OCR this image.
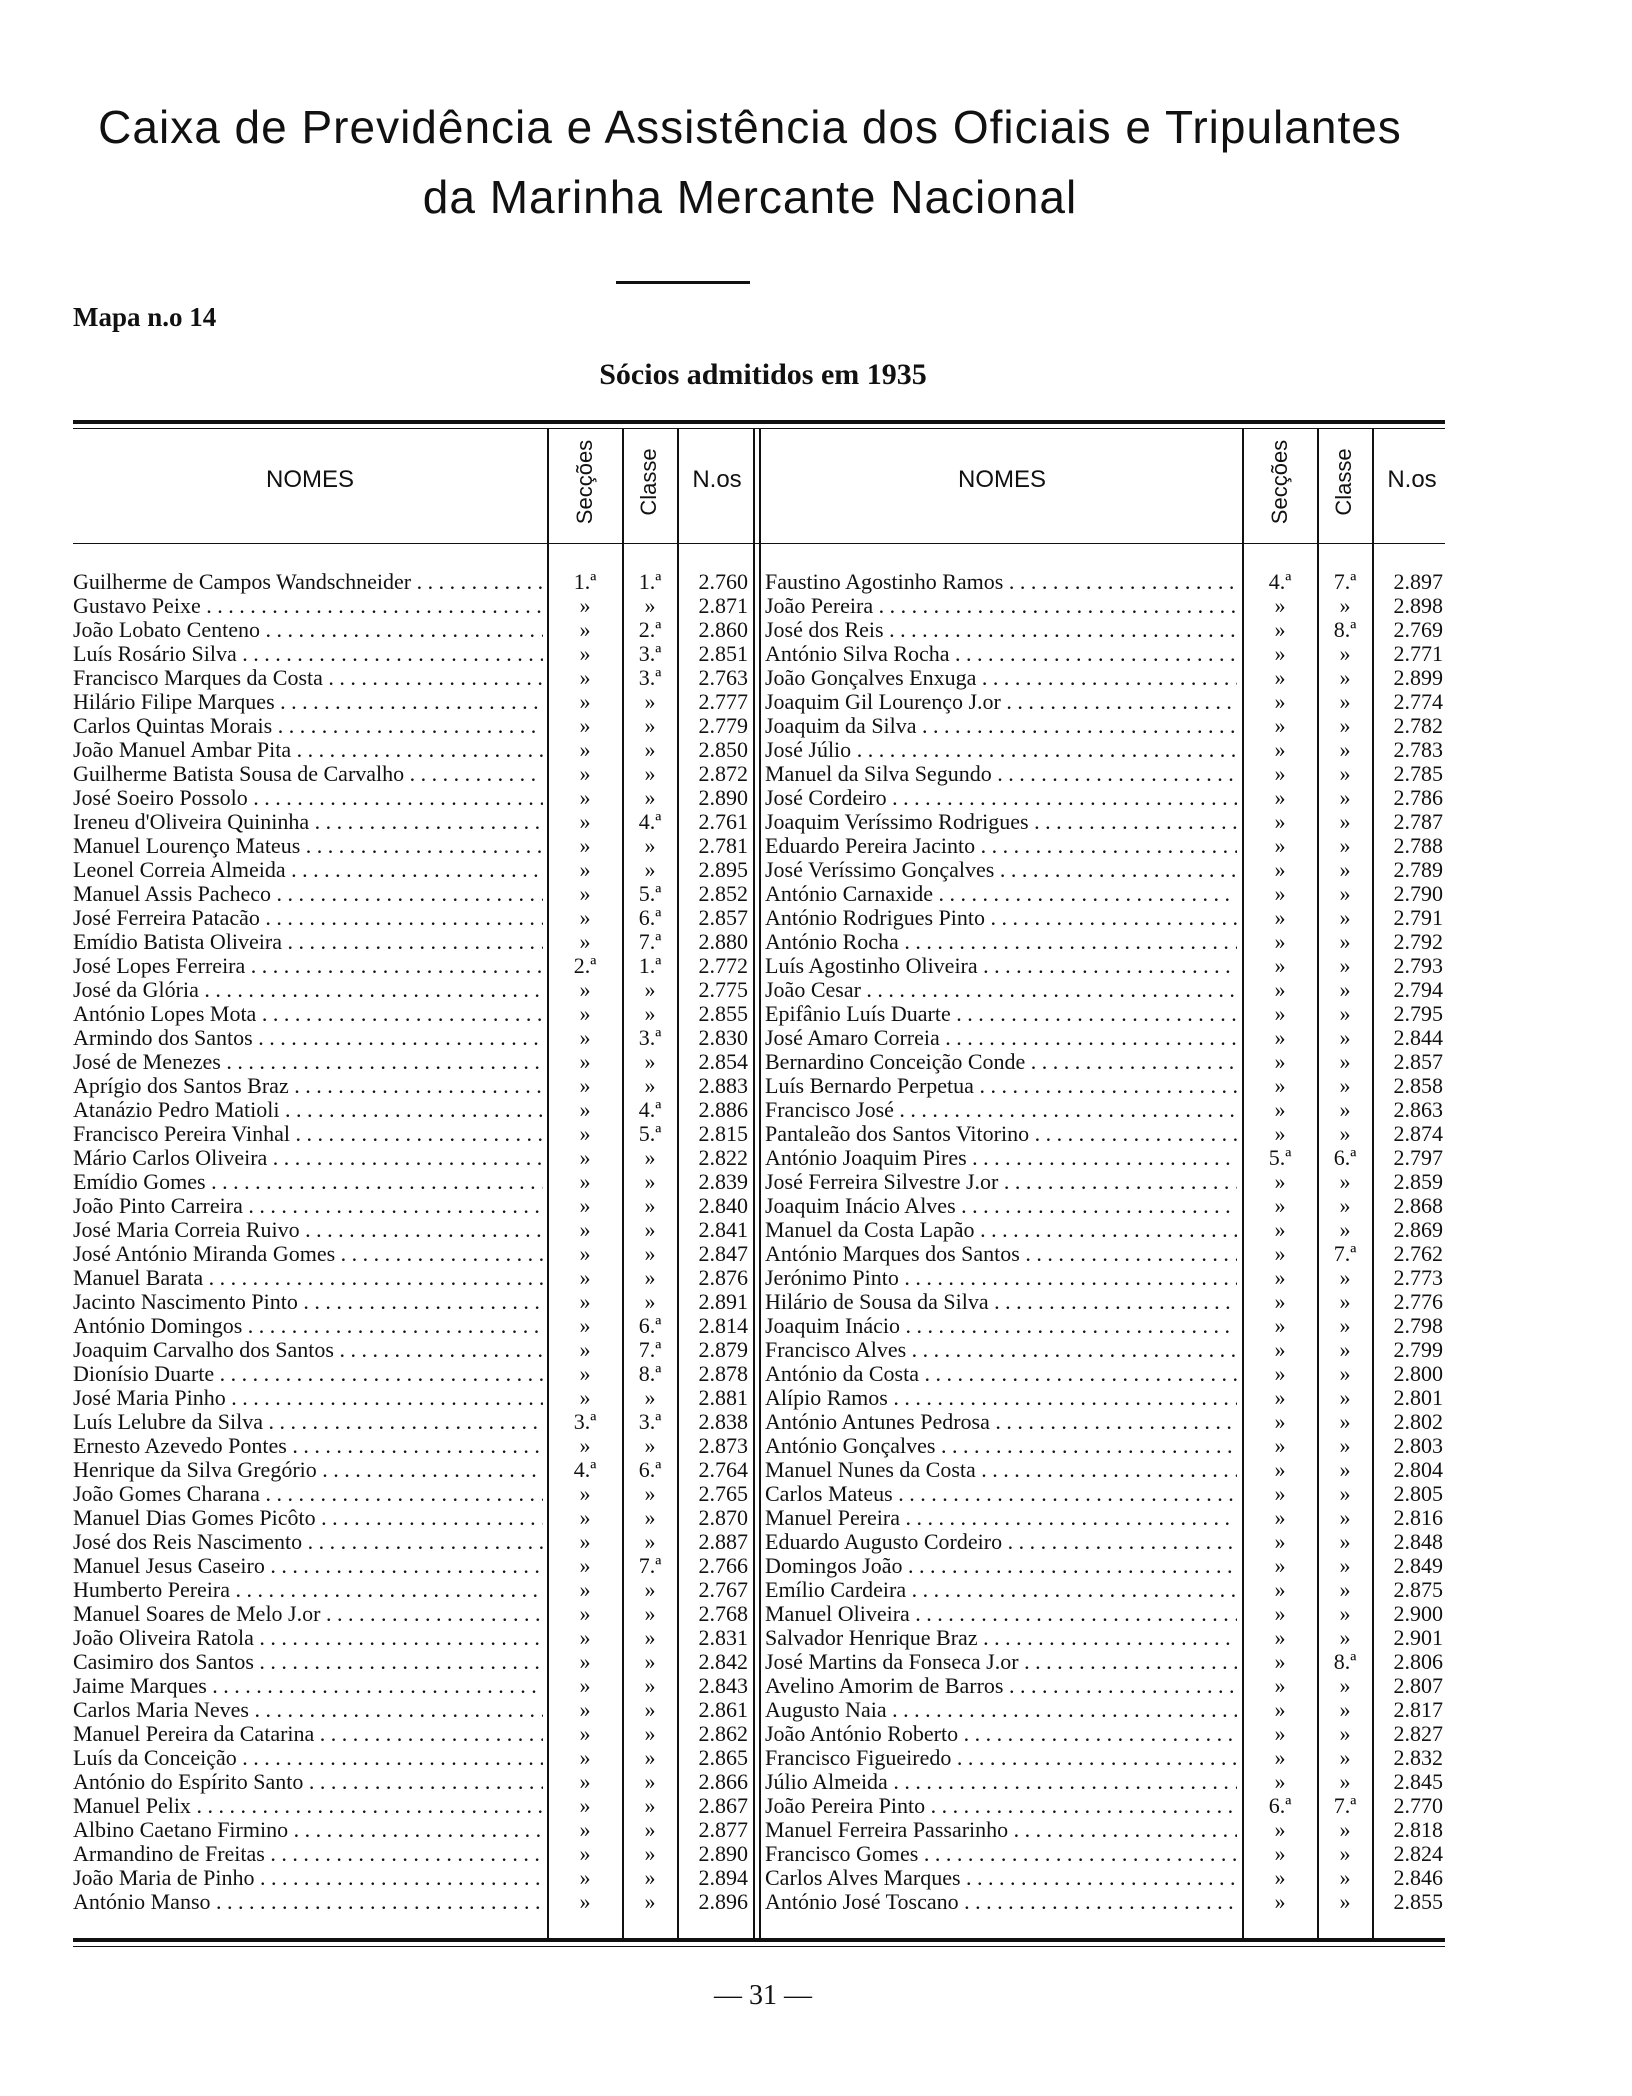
Caixa de Previdência e Assistência dos Oficiais e Tripulantes
da Marinha Mercante Nacional
Mapa n.o 14
Sócios admitidos em 1935
NOMES	Secções Classe	N.os	NOMES	Secções Classe	N.os
Guilherme de Campos Wandschneider . . .	1.ª	1.ª	2.760
Gustavo Peixe . . .	»	»	2.871
João Lobato Centeno . . .	»	2.ª	2.860
Luís Rosário Silva . . .	»	3.ª	2.851
Francisco Marques da Costa . . .	»	3.ª	2.763
Hilário Filipe Marques . . .	»	»	2.777
Carlos Quintas Morais . . .	»	»	2.779
João Manuel Ambar Pita . . .	»	»	2.850
Guilherme Batista Sousa de Carvalho . . .	»	»	2.872
José Soeiro Possolo . . .	»	»	2.890
Ireneu d'Oliveira Quininha . . .	»	4.ª	2.761
Manuel Lourenço Mateus . . .	»	»	2.781
Leonel Correia Almeida . . .	»	»	2.895
Manuel Assis Pacheco . . .	»	5.ª	2.852
José Ferreira Patacão . . .	»	6.ª	2.857
Emídio Batista Oliveira . . .	»	7.ª	2.880
José Lopes Ferreira . . .	2.ª	1.ª	2.772
José da Glória . . .	»	»	2.775
António Lopes Mota . . .	»	»	2.855
Armindo dos Santos . . .	»	3.ª	2.830
José de Menezes . . .	»	»	2.854
Aprígio dos Santos Braz . . .	»	»	2.883
Atanázio Pedro Matioli . . .	»	4.ª	2.886
Francisco Pereira Vinhal . . .	»	5.ª	2.815
Mário Carlos Oliveira . . .	»	»	2.822
Emídio Gomes . . .	»	»	2.839
João Pinto Carreira . . .	»	»	2.840
José Maria Correia Ruivo . . .	»	»	2.841
José António Miranda Gomes . . .	»	»	2.847
Manuel Barata . . .	»	»	2.876
Jacinto Nascimento Pinto . . .	»	»	2.891
António Domingos . . .	»	6.ª	2.814
Joaquim Carvalho dos Santos . . .	»	7.ª	2.879
Dionísio Duarte . . .	»	8.ª	2.878
José Maria Pinho . . .	»	»	2.881
Luís Lelubre da Silva . . .	3.ª	3.ª	2.838
Ernesto Azevedo Pontes . . .	»	»	2.873
Henrique da Silva Gregório . . .	4.ª	6.ª	2.764
João Gomes Charana . . .	»	»	2.765
Manuel Dias Gomes Picôto . . .	»	»	2.870
José dos Reis Nascimento . . .	»	»	2.887
Manuel Jesus Caseiro . . .	»	7.ª	2.766
Humberto Pereira . . .	»	»	2.767
Manuel Soares de Melo J.or . . .	»	»	2.768
João Oliveira Ratola . . .	»	»	2.831
Casimiro dos Santos . . .	»	»	2.842
Jaime Marques . . .	»	»	2.843
Carlos Maria Neves . . .	»	»	2.861
Manuel Pereira da Catarina . . .	»	»	2.862
Luís da Conceição . . .	»	»	2.865
António do Espírito Santo . . .	»	»	2.866
Manuel Pelix . . .	»	»	2.867
Albino Caetano Firmino . . .	»	»	2.877
Armandino de Freitas . . .	»	»	2.890
João Maria de Pinho . . .	»	»	2.894
António Manso . . .	»	»	2.896
Faustino Agostinho Ramos . . .	4.ª	7.ª	2.897
João Pereira . . .	»	»	2.898
José dos Reis . . .	»	8.ª	2.769
António Silva Rocha . . .	»	»	2.771
João Gonçalves Enxuga . . .	»	»	2.899
Joaquim Gil Lourenço J.or . . .	»	»	2.774
Joaquim da Silva . . .	»	»	2.782
José Júlio . . .	»	»	2.783
Manuel da Silva Segundo . . .	»	»	2.785
José Cordeiro . . .	»	»	2.786
Joaquim Veríssimo Rodrigues . . .	»	»	2.787
Eduardo Pereira Jacinto . . .	»	»	2.788
José Veríssimo Gonçalves . . .	»	»	2.789
António Carnaxide . . .	»	»	2.790
António Rodrigues Pinto . . .	»	»	2.791
António Rocha . . .	»	»	2.792
Luís Agostinho Oliveira . . .	»	»	2.793
João Cesar . . .	»	»	2.794
Epifânio Luís Duarte . . .	»	»	2.795
José Amaro Correia . . .	»	»	2.844
Bernardino Conceição Conde . . .	»	»	2.857
Luís Bernardo Perpetua . . .	»	»	2.858
Francisco José . . .	»	»	2.863
Pantaleão dos Santos Vitorino . . .	»	»	2.874
António Joaquim Pires . . .	5.ª	6.ª	2.797
José Ferreira Silvestre J.or . . .	»	»	2.859
Joaquim Inácio Alves . . .	»	»	2.868
Manuel da Costa Lapão . . .	»	»	2.869
António Marques dos Santos . . .	»	7.ª	2.762
Jerónimo Pinto . . .	»	»	2.773
Hilário de Sousa da Silva . . .	»	»	2.776
Joaquim Inácio . . .	»	»	2.798
Francisco Alves . . .	»	»	2.799
António da Costa . . .	»	»	2.800
Alípio Ramos . . .	»	»	2.801
António Antunes Pedrosa . . .	»	»	2.802
António Gonçalves . . .	»	»	2.803
Manuel Nunes da Costa . . .	»	»	2.804
Carlos Mateus . . .	»	»	2.805
Manuel Pereira . . .	»	»	2.816
Eduardo Augusto Cordeiro . . .	»	»	2.848
Domingos João . . .	»	»	2.849
Emílio Cardeira . . .	»	»	2.875
Manuel Oliveira . . .	»	»	2.900
Salvador Henrique Braz . . .	»	»	2.901
José Martins da Fonseca J.or . . .	»	8.ª	2.806
Avelino Amorim de Barros . . .	»	»	2.807
Augusto Naia . . .	»	»	2.817
João António Roberto . . .	»	»	2.827
Francisco Figueiredo . . .	»	»	2.832
Júlio Almeida . . .	»	»	2.845
João Pereira Pinto . . .	6.ª	7.ª	2.770
Manuel Ferreira Passarinho . . .	»	»	2.818
Francisco Gomes . . .	»	»	2.824
Carlos Alves Marques . . .	»	»	2.846
António José Toscano . . .	»	»	2.855
— 31 —
